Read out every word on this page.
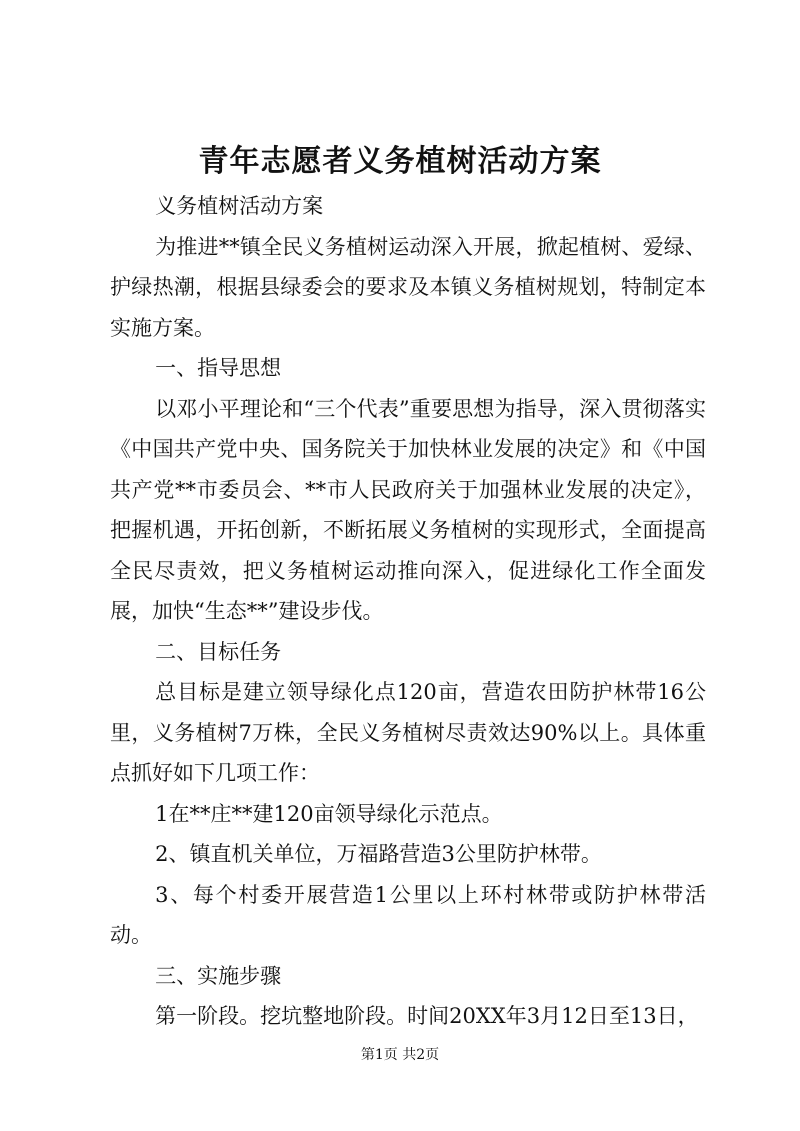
青年志愿者义务植树活动方案

义务植树活动方案

为推进**镇全民义务植树运动深入开展，掀起植树、爱绿、护绿热潮，根据县绿委会的要求及本镇义务植树规划，特制定本实施方案。

一、指导思想

以邓小平理论和“三个代表”重要思想为指导，深入贯彻落实《中国共产党中央、国务院关于加快林业发展的决定》和《中国共产党**市委员会、**市人民政府关于加强林业发展的决定》，把握机遇，开拓创新，不断拓展义务植树的实现形式，全面提高全民尽责效，把义务植树运动推向深入，促进绿化工作全面发展，加快“生态**”建设步伐。

二、目标任务

总目标是建立领导绿化点120亩，营造农田防护林带16公里，义务植树7万株，全民义务植树尽责效达90%以上。具体重点抓好如下几项工作：

1在**庄**建120亩领导绿化示范点。

2、镇直机关单位，万福路营造3公里防护林带。

3、每个村委开展营造1公里以上环村林带或防护林带活动。

三、实施步骤

第一阶段。挖坑整地阶段。时间20XX年3月12日至13日，

第1页 共2页
